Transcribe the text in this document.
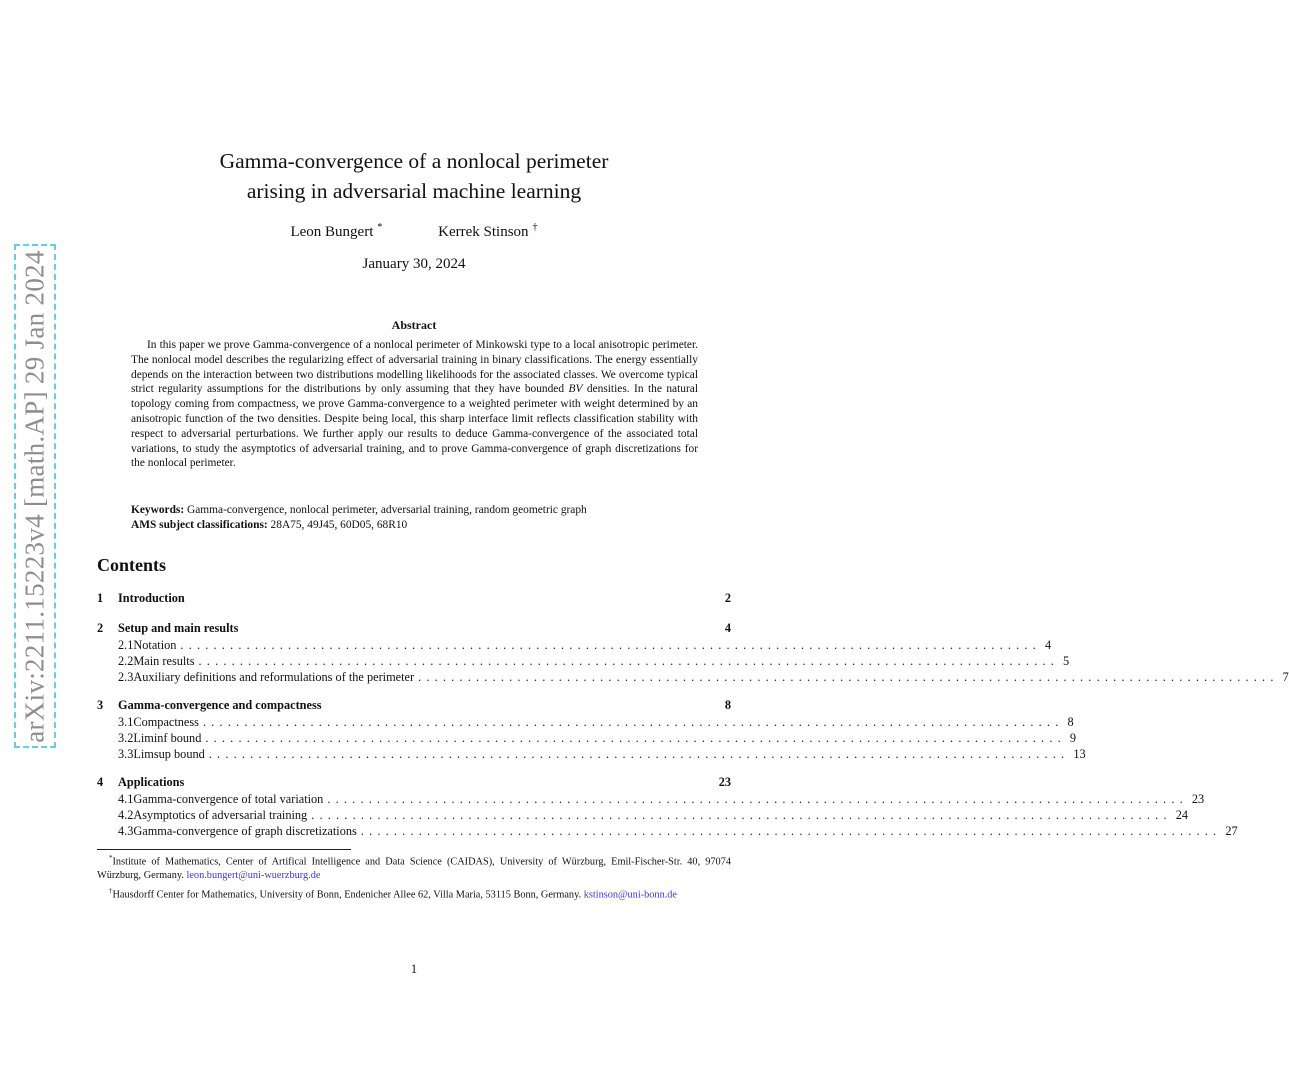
arXiv:2211.15223v4 [math.AP] 29 Jan 2024
Gamma-convergence of a nonlocal perimeter
arising in adversarial machine learning
Leon Bungert *	Kerrek Stinson †
January 30, 2024
Abstract
In this paper we prove Gamma-convergence of a nonlocal perimeter of Minkowski type to a local anisotropic perimeter. The nonlocal model describes the regularizing effect of adversarial training in binary classifications. The energy essentially depends on the interaction between two distributions modelling likelihoods for the associated classes. We overcome typical strict regularity assumptions for the distributions by only assuming that they have bounded BV densities. In the natural topology coming from compactness, we prove Gamma-convergence to a weighted perimeter with weight determined by an anisotropic function of the two densities. Despite being local, this sharp interface limit reflects classification stability with respect to adversarial perturbations. We further apply our results to deduce Gamma-convergence of the associated total variations, to study the asymptotics of adversarial training, and to prove Gamma-convergence of graph discretizations for the nonlocal perimeter.
Keywords: Gamma-convergence, nonlocal perimeter, adversarial training, random geometric graph
AMS subject classifications: 28A75, 49J45, 60D05, 68R10
Contents
1	Introduction	2
2	Setup and main results	4
2.1 Notation ........................................................................................................ 4
2.2 Main results ........................................................................................................ 5
2.3 Auxiliary definitions and reformulations of the perimeter ........................................................................................................ 7
3	Gamma-convergence and compactness	8
3.1 Compactness ........................................................................................................ 8
3.2 Liminf bound ........................................................................................................ 9
3.3 Limsup bound ........................................................................................................ 13
4	Applications	23
4.1 Gamma-convergence of total variation ........................................................................................................ 23
4.2 Asymptotics of adversarial training ........................................................................................................ 24
4.3 Gamma-convergence of graph discretizations ........................................................................................................ 27

*Institute of Mathematics, Center of Artifical Intelligence and Data Science (CAIDAS), University of Würzburg, Emil-Fischer-Str. 40, 97074 Würzburg, Germany. leon.bungert@uni-wuerzburg.de

†Hausdorff Center for Mathematics, University of Bonn, Endenicher Allee 62, Villa Maria, 53115 Bonn, Germany. kstinson@uni-bonn.de

1
